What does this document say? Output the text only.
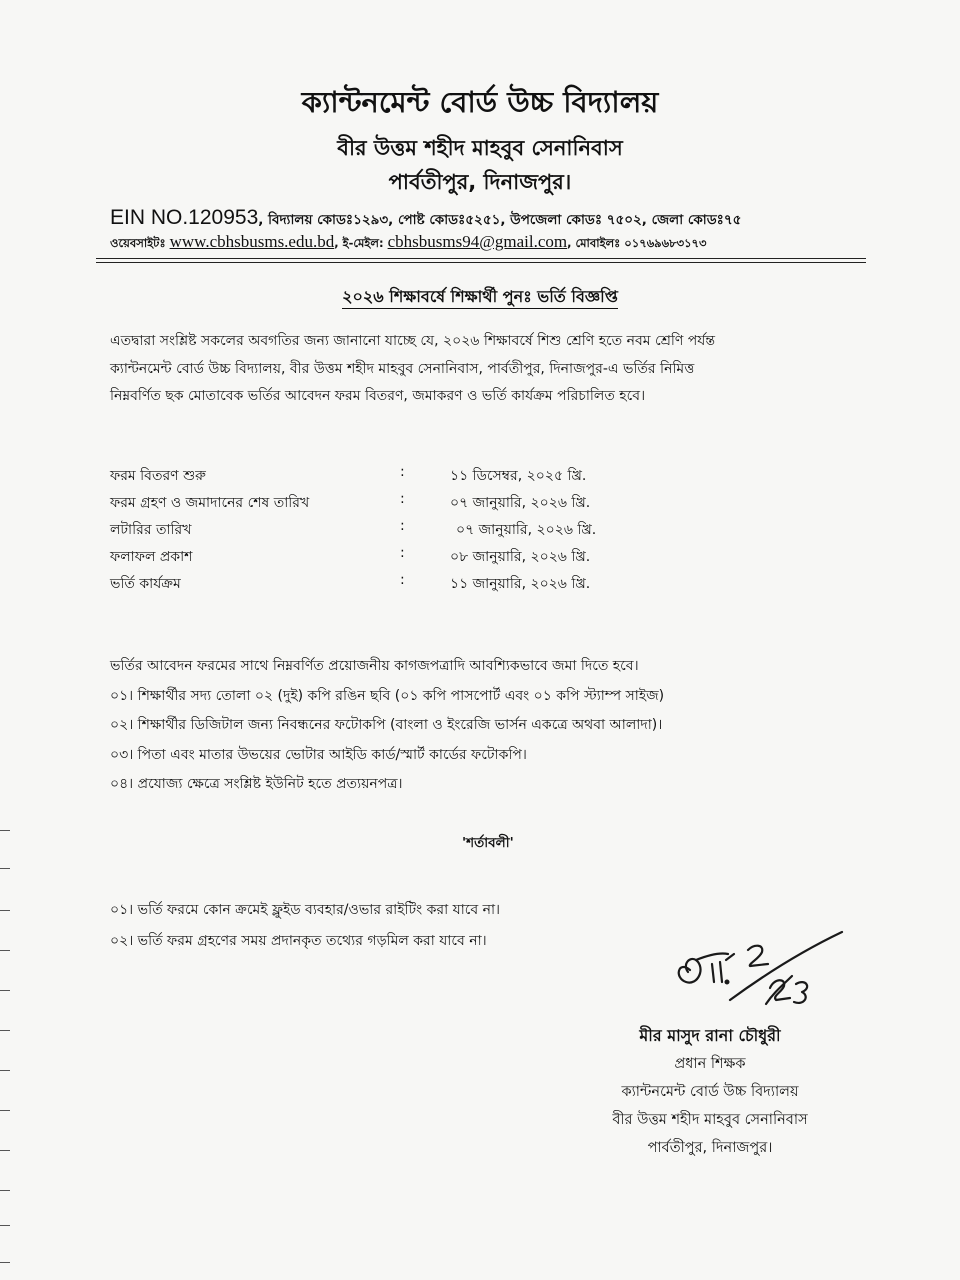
ক্যান্টনমেন্ট বোর্ড উচ্চ বিদ্যালয়
বীর উত্তম শহীদ মাহবুব সেনানিবাস
পার্বতীপুর, দিনাজপুর।
EIN NO.120953, বিদ্যালয় কোডঃ১২৯৩, পোষ্ট কোডঃ৫২৫১, উপজেলা কোডঃ ৭৫০২, জেলা কোডঃ৭৫
ওয়েবসাইটঃ www.cbhsbusms.edu.bd, ই-মেইল: cbhsbusms94@gmail.com, মোবাইলঃ ০১৭৬৯৬৮৩১৭৩
২০২৬ শিক্ষাবর্ষে শিক্ষার্থী পুনঃ ভর্তি বিজ্ঞপ্তি
এতদ্বারা সংশ্লিষ্ট সকলের অবগতির জন্য জানানো যাচ্ছে যে, ২০২৬ শিক্ষাবর্ষে শিশু শ্রেণি হতে নবম শ্রেণি পর্যন্ত
ক্যান্টনমেন্ট বোর্ড উচ্চ বিদ্যালয়, বীর উত্তম শহীদ মাহবুব সেনানিবাস, পার্বতীপুর, দিনাজপুর-এ ভর্তির নিমিত্ত
নিম্নবর্ণিত ছক মোতাবেক ভর্তির আবেদন ফরম বিতরণ, জমাকরণ ও ভর্তি কার্যক্রম পরিচালিত হবে।
ফরম বিতরণ শুরু	:	১১ ডিসেম্বর, ২০২৫ খ্রি.
ফরম গ্রহণ ও জমাদানের শেষ তারিখ	:	০৭ জানুয়ারি, ২০২৬ খ্রি.
লটারির তারিখ	:	০৭ জানুয়ারি, ২০২৬ খ্রি.
ফলাফল প্রকাশ	:	০৮ জানুয়ারি, ২০২৬ খ্রি.
ভর্তি কার্যক্রম	:	১১ জানুয়ারি, ২০২৬ খ্রি.
ভর্তির আবেদন ফরমের সাথে নিম্নবর্ণিত প্রয়োজনীয় কাগজপত্রাদি আবশ্যিকভাবে জমা দিতে হবে।
০১। শিক্ষার্থীর সদ্য তোলা ০২ (দুই) কপি রঙিন ছবি (০১ কপি পাসপোর্ট এবং ০১ কপি স্ট্যাম্প সাইজ)
০২। শিক্ষার্থীর ডিজিটাল জন্য নিবন্ধনের ফটোকপি (বাংলা ও ইংরেজি ভার্সন একত্রে অথবা আলাদা)।
০৩। পিতা এবং মাতার উভয়ের ভোটার আইডি কার্ড/স্মার্ট কার্ডের ফটোকপি।
০৪। প্রযোজ্য ক্ষেত্রে সংশ্লিষ্ট ইউনিট হতে প্রত্যয়নপত্র।
'শর্তাবলী'
০১। ভর্তি ফরমে কোন ক্রমেই ফ্লুইড ব্যবহার/ওভার রাইটিং করা যাবে না।
০২। ভর্তি ফরম গ্রহণের সময় প্রদানকৃত তথ্যের গড়মিল করা যাবে না।
মীর মাসুদ রানা চৌধুরী
প্রধান শিক্ষক
ক্যান্টনমেন্ট বোর্ড উচ্চ বিদ্যালয়
বীর উত্তম শহীদ মাহবুব সেনানিবাস
পার্বতীপুর, দিনাজপুর।
